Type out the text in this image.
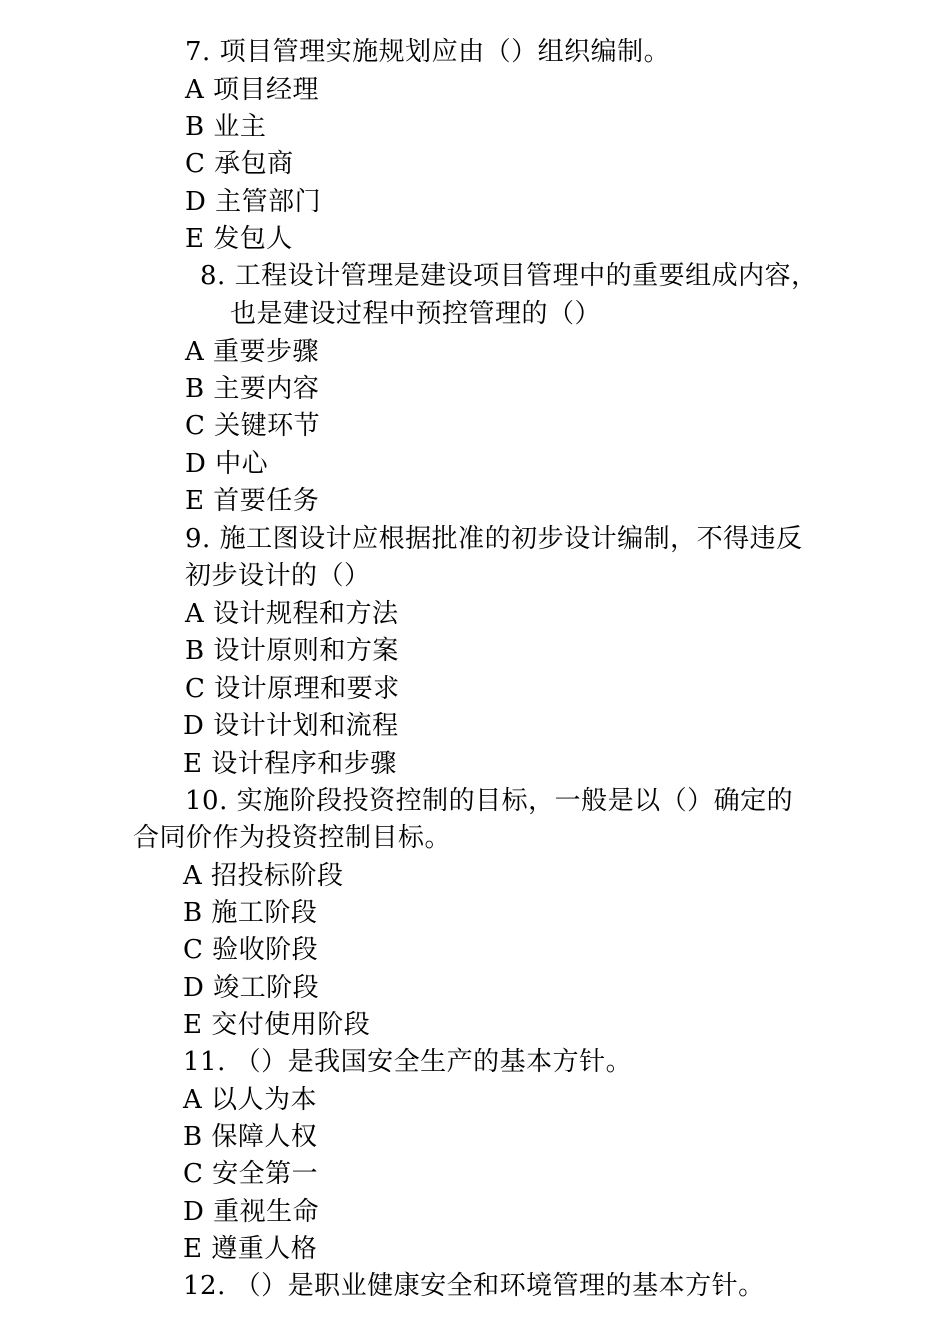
7. 项目管理实施规划应由（）组织编制。
A 项目经理
B 业主
C 承包商
D 主管部门
E 发包人
8. 工程设计管理是建设项目管理中的重要组成内容，
也是建设过程中预控管理的（）
A 重要步骤
B 主要内容
C 关键环节
D 中心
E 首要任务
9. 施工图设计应根据批准的初步设计编制，不得违反
初步设计的（）
A 设计规程和方法
B 设计原则和方案
C 设计原理和要求
D 设计计划和流程
E 设计程序和步骤
10. 实施阶段投资控制的目标，一般是以（）确定的
合同价作为投资控制目标。
A 招投标阶段
B 施工阶段
C 验收阶段
D 竣工阶段
E 交付使用阶段
11. （）是我国安全生产的基本方针。
A 以人为本
B 保障人权
C 安全第一
D 重视生命
E 遵重人格
12. （）是职业健康安全和环境管理的基本方针。
